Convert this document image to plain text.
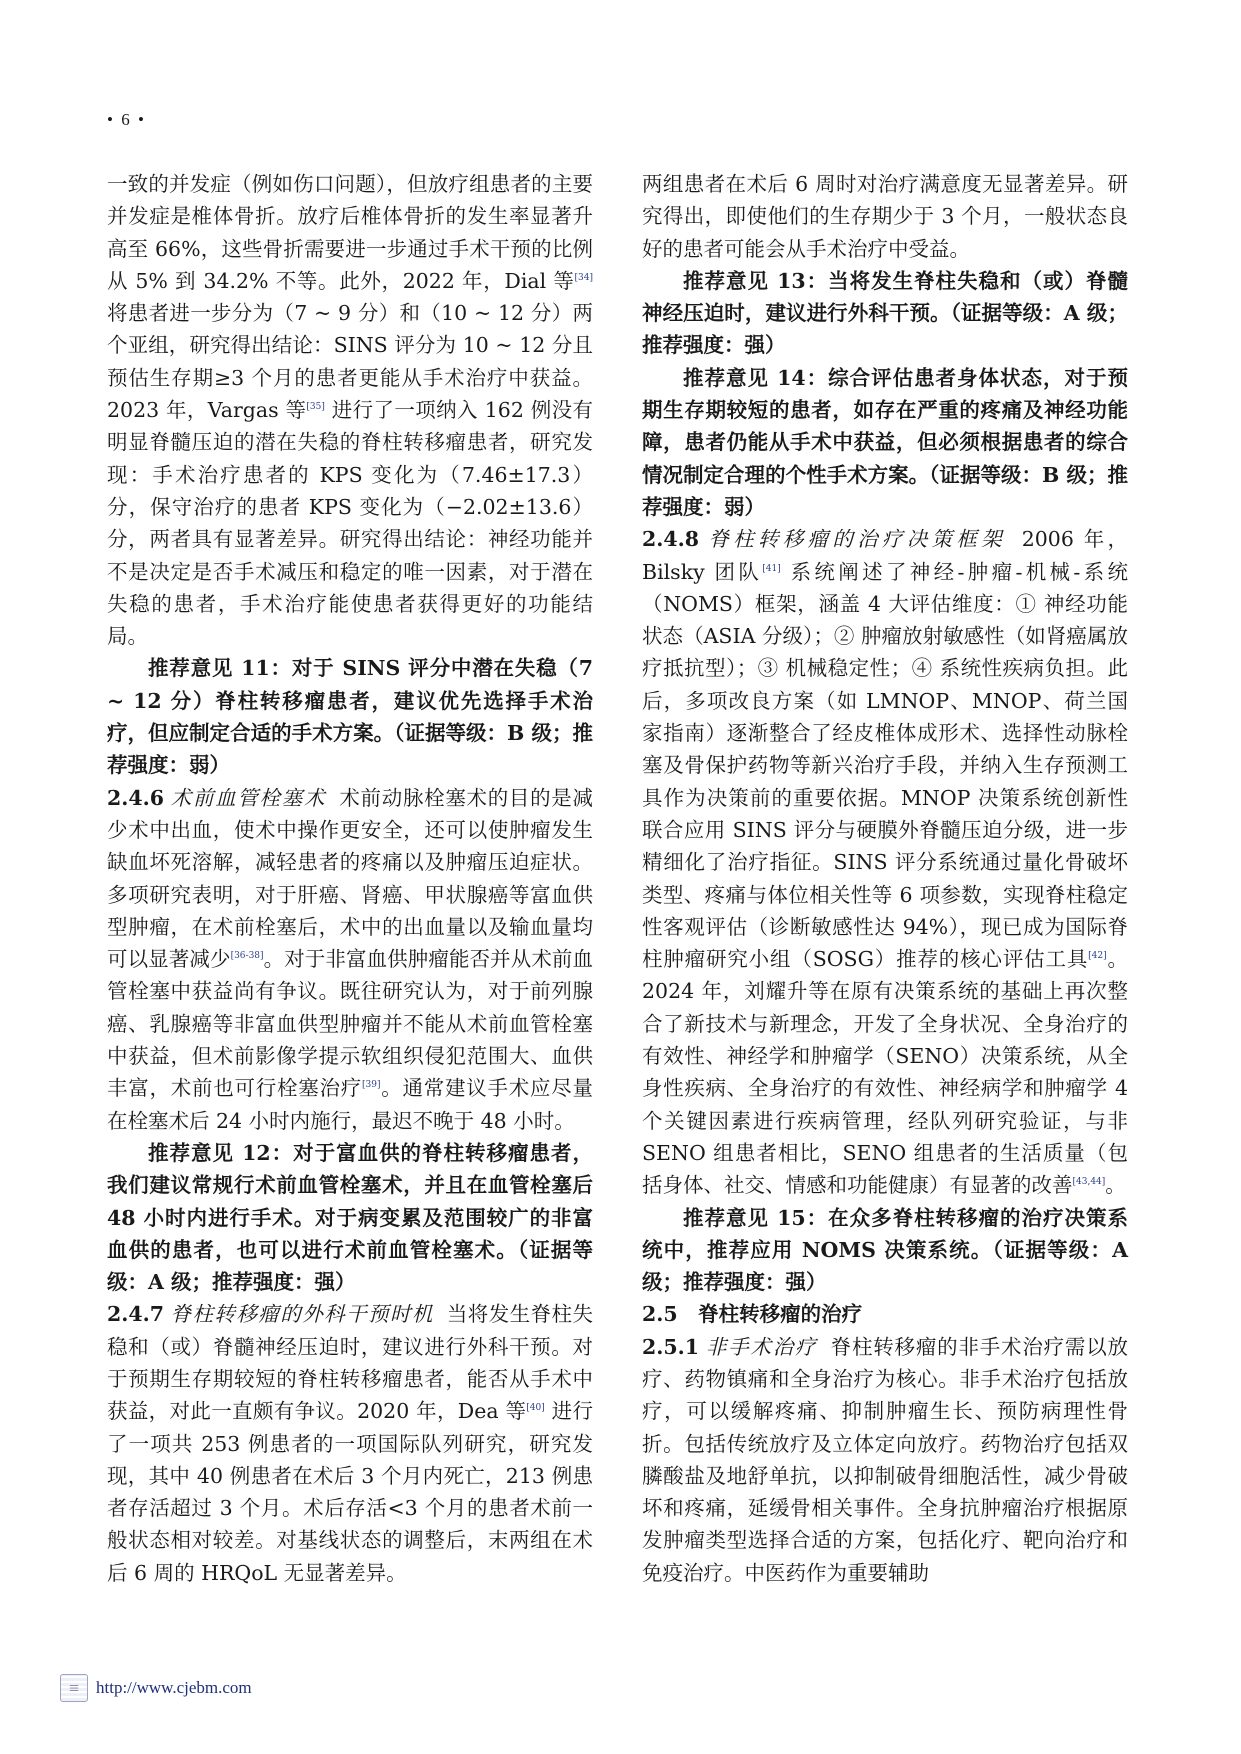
• 6 •

一致的并发症（例如伤口问题），但放疗组患者的主要并发症是椎体骨折。放疗后椎体骨折的发生率显著升高至 66%，这些骨折需要进一步通过手术干预的比例从 5% 到 34.2% 不等。此外，2022 年，Dial 等[34] 将患者进一步分为（7 ~ 9 分）和（10 ~ 12 分）两个亚组，研究得出结论：SINS 评分为 10 ~ 12 分且预估生存期≥3 个月的患者更能从手术治疗中获益。2023 年，Vargas 等[35] 进行了一项纳入 162 例没有明显脊髓压迫的潜在失稳的脊柱转移瘤患者，研究发现：手术治疗患者的 KPS 变化为（7.46±17.3）分，保守治疗的患者 KPS 变化为（−2.02±13.6）分，两者具有显著差异。研究得出结论：神经功能并不是决定是否手术减压和稳定的唯一因素，对于潜在失稳的患者，手术治疗能使患者获得更好的功能结局。

推荐意见 11：对于 SINS 评分中潜在失稳（7 ~ 12 分）脊柱转移瘤患者，建议优先选择手术治疗，但应制定合适的手术方案。（证据等级：B 级；推荐强度：弱）

2.4.6 术前血管栓塞术 术前动脉栓塞术的目的是减少术中出血，使术中操作更安全，还可以使肿瘤发生缺血坏死溶解，减轻患者的疼痛以及肿瘤压迫症状。多项研究表明，对于肝癌、肾癌、甲状腺癌等富血供型肿瘤，在术前栓塞后，术中的出血量以及输血量均可以显著减少[36-38]。对于非富血供肿瘤能否并从术前血管栓塞中获益尚有争议。既往研究认为，对于前列腺癌、乳腺癌等非富血供型肿瘤并不能从术前血管栓塞中获益，但术前影像学提示软组织侵犯范围大、血供丰富，术前也可行栓塞治疗[39]。通常建议手术应尽量在栓塞术后 24 小时内施行，最迟不晚于 48 小时。

推荐意见 12：对于富血供的脊柱转移瘤患者，我们建议常规行术前血管栓塞术，并且在血管栓塞后 48 小时内进行手术。对于病变累及范围较广的非富血供的患者，也可以进行术前血管栓塞术。（证据等级：A 级；推荐强度：强）

2.4.7 脊柱转移瘤的外科干预时机 当将发生脊柱失稳和（或）脊髓神经压迫时，建议进行外科干预。对于预期生存期较短的脊柱转移瘤患者，能否从手术中获益，对此一直颇有争议。2020 年，Dea 等[40] 进行了一项共 253 例患者的一项国际队列研究，研究发现，其中 40 例患者在术后 3 个月内死亡，213 例患者存活超过 3 个月。术后存活<3 个月的患者术前一般状态相对较差。对基线状态的调整后，末两组在术后 6 周的 HRQoL 无显著差异。

两组患者在术后 6 周时对治疗满意度无显著差异。研究得出，即使他们的生存期少于 3 个月，一般状态良好的患者可能会从手术治疗中受益。

推荐意见 13：当将发生脊柱失稳和（或）脊髓神经压迫时，建议进行外科干预。（证据等级：A 级；推荐强度：强）

推荐意见 14：综合评估患者身体状态，对于预期生存期较短的患者，如存在严重的疼痛及神经功能障，患者仍能从手术中获益，但必须根据患者的综合情况制定合理的个性手术方案。（证据等级：B 级；推荐强度：弱）

2.4.8 脊柱转移瘤的治疗决策框架 2006 年，Bilsky 团队[41] 系统阐述了神经-肿瘤-机械-系统（NOMS）框架，涵盖 4 大评估维度：① 神经功能状态（ASIA 分级）；② 肿瘤放射敏感性（如肾癌属放疗抵抗型）；③ 机械稳定性；④ 系统性疾病负担。此后，多项改良方案（如 LMNOP、MNOP、荷兰国家指南）逐渐整合了经皮椎体成形术、选择性动脉栓塞及骨保护药物等新兴治疗手段，并纳入生存预测工具作为决策前的重要依据。MNOP 决策系统创新性联合应用 SINS 评分与硬膜外脊髓压迫分级，进一步精细化了治疗指征。SINS 评分系统通过量化骨破坏类型、疼痛与体位相关性等 6 项参数，实现脊柱稳定性客观评估（诊断敏感性达 94%），现已成为国际脊柱肿瘤研究小组（SOSG）推荐的核心评估工具[42]。2024 年，刘耀升等在原有决策系统的基础上再次整合了新技术与新理念，开发了全身状况、全身治疗的有效性、神经学和肿瘤学（SENO）决策系统，从全身性疾病、全身治疗的有效性、神经病学和肿瘤学 4 个关键因素进行疾病管理，经队列研究验证，与非 SENO 组患者相比，SENO 组患者的生活质量（包括身体、社交、情感和功能健康）有显著的改善[43,44]。

推荐意见 15：在众多脊柱转移瘤的治疗决策系统中，推荐应用 NOMS 决策系统。（证据等级：A 级；推荐强度：强）

2.5　脊柱转移瘤的治疗

2.5.1 非手术治疗 脊柱转移瘤的非手术治疗需以放疗、药物镇痛和全身治疗为核心。非手术治疗包括放疗，可以缓解疼痛、抑制肿瘤生长、预防病理性骨折。包括传统放疗及立体定向放疗。药物治疗包括双膦酸盐及地舒单抗，以抑制破骨细胞活性，减少骨破坏和疼痛，延缓骨相关事件。全身抗肿瘤治疗根据原发肿瘤类型选择合适的方案，包括化疗、靶向治疗和免疫治疗。中医药作为重要辅助

≡ http://www.cjebm.com
